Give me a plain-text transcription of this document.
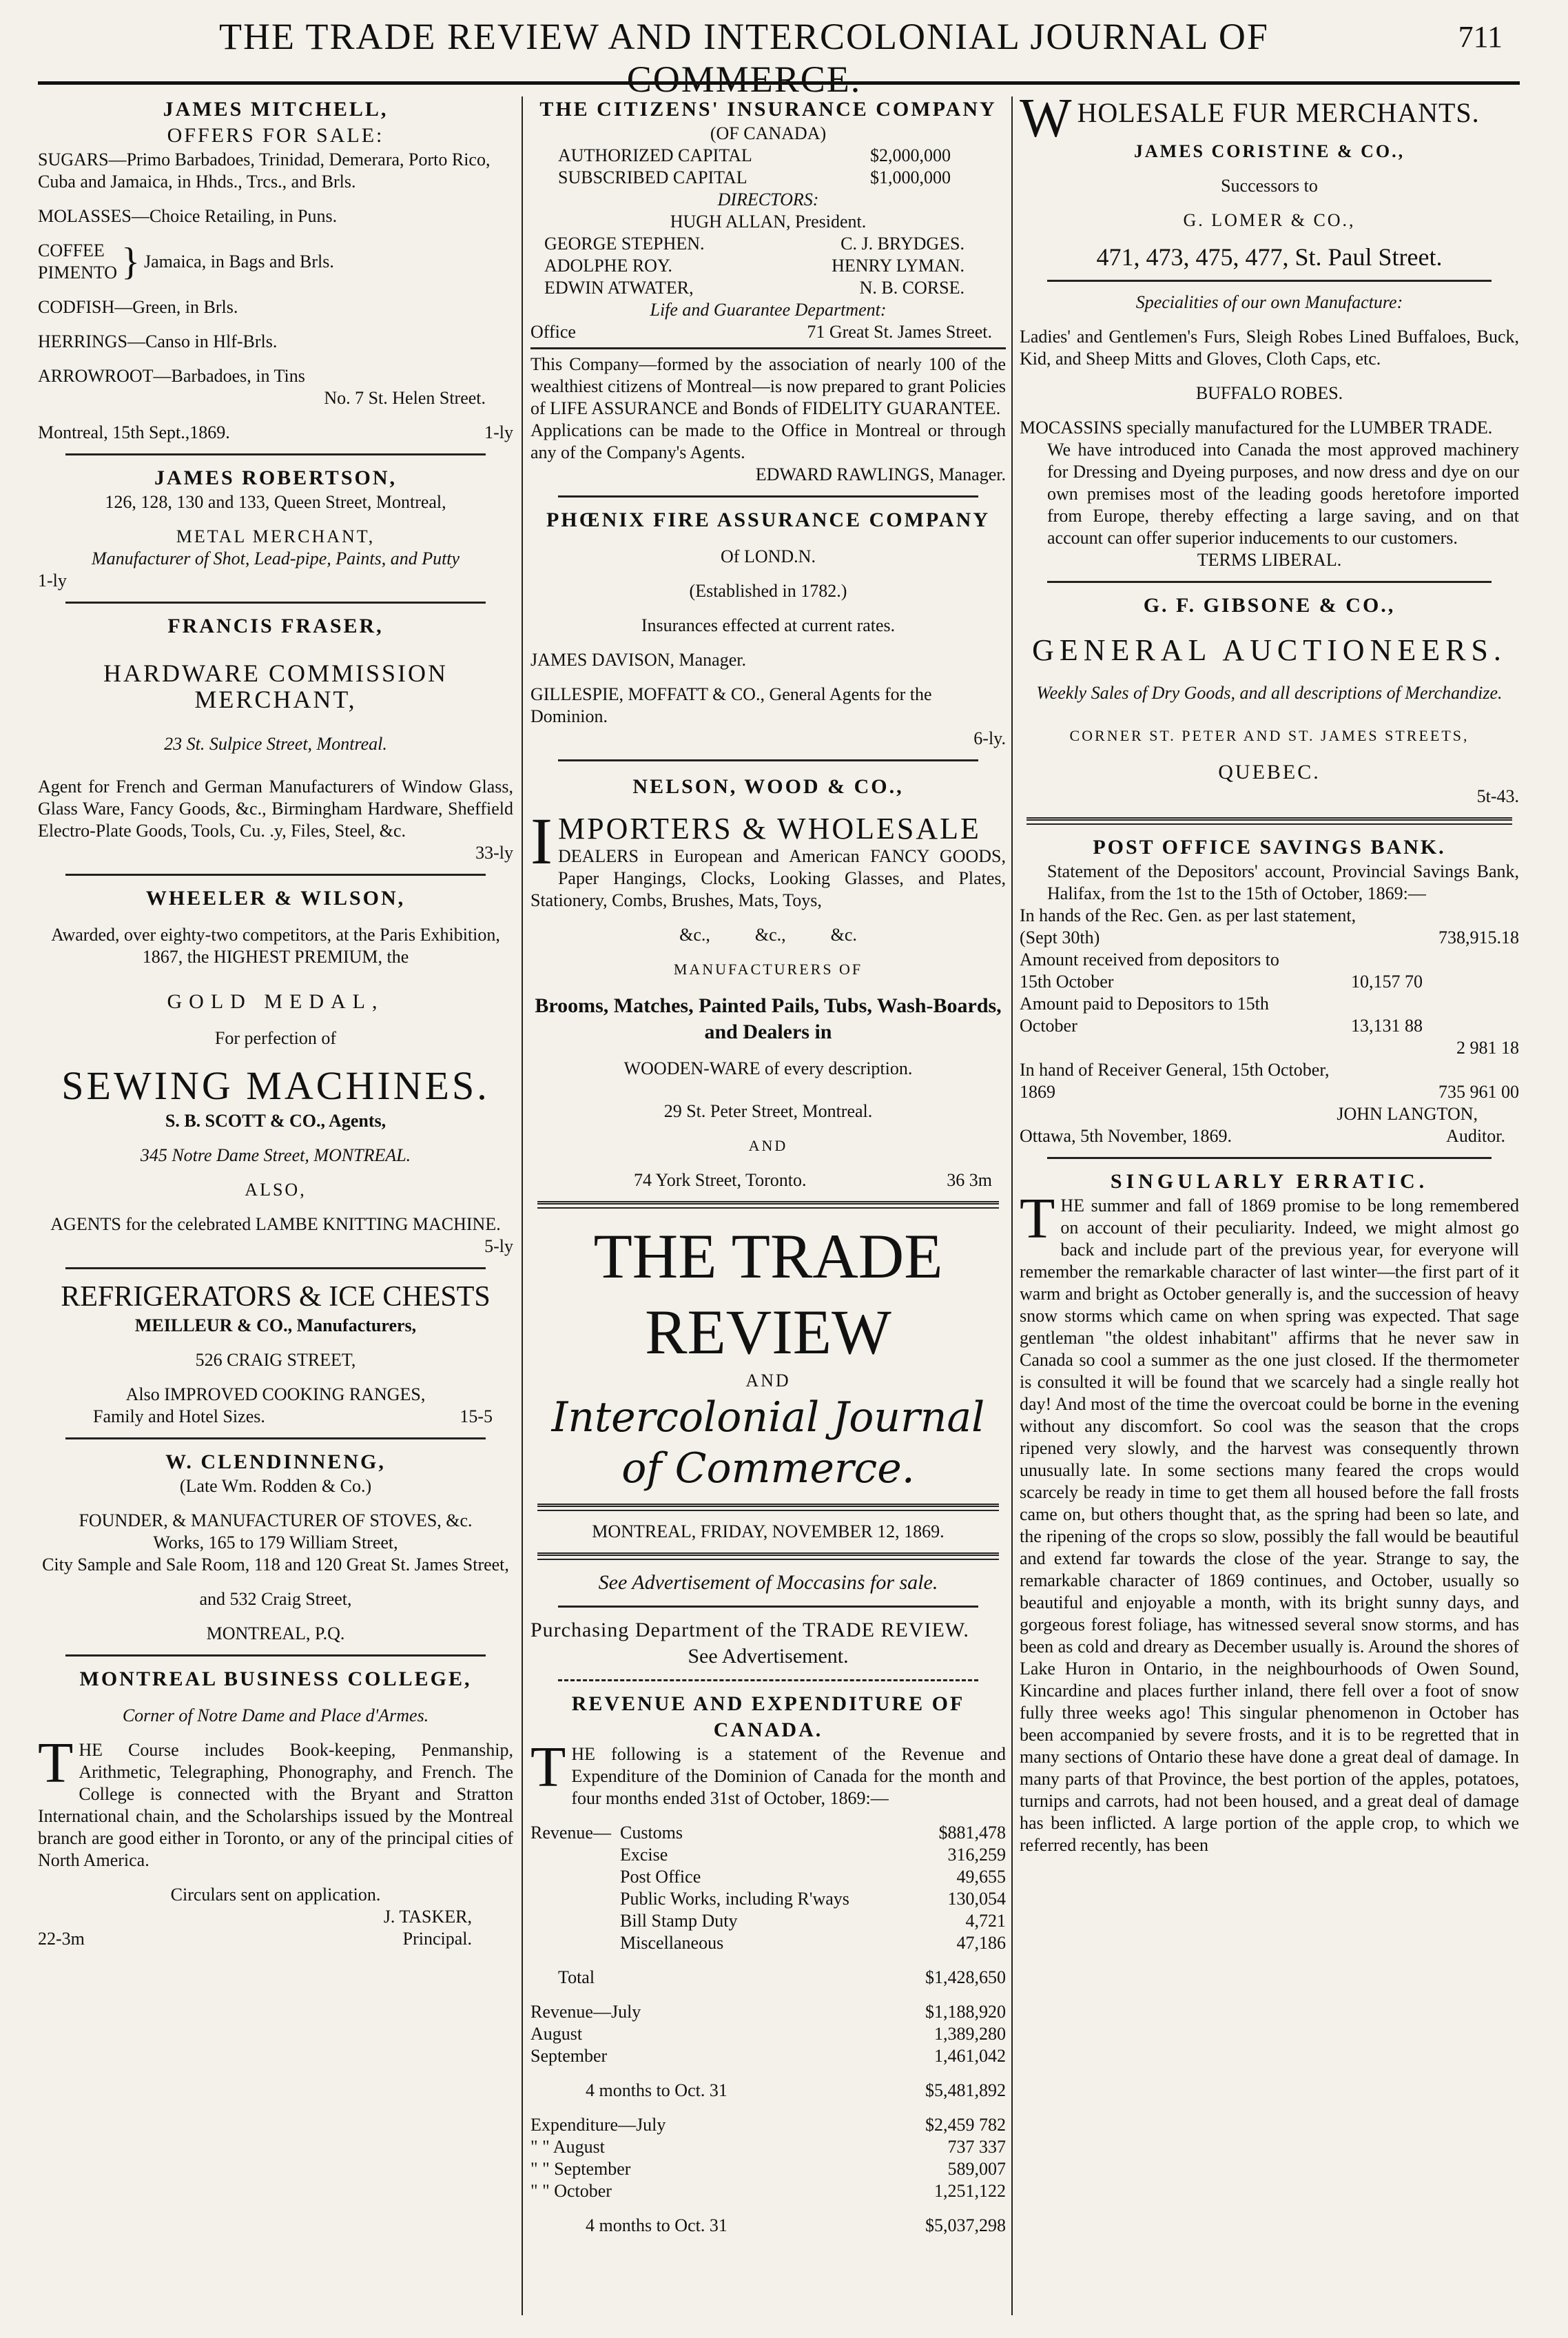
THE TRADE REVIEW AND INTERCOLONIAL JOURNAL OF COMMERCE.
711
JAMES MITCHELL,
OFFERS FOR SALE:
SUGARS—Primo Barbadoes, Trinidad, Demerara, Porto Rico, Cuba and Jamaica, in Hhds., Trcs., and Brls.
MOLASSES—Choice Retailing, in Puns.
COFFEE
PIMENTO } Jamaica, in Bags and Brls.
CODFISH—Green, in Brls.
HERRINGS—Canso in Hlf-Brls.
ARROWROOT—Barbadoes, in Tins
No. 7 St. Helen Street.
Montreal, 15th Sept.,1869.	1-ly
JAMES ROBERTSON,
126, 128, 130 and 133, Queen Street, Montreal,
METAL MERCHANT,
Manufacturer of Shot, Lead-pipe, Paints, and Putty
1-ly
FRANCIS FRASER,
HARDWARE COMMISSION MERCHANT,
23 St. Sulpice Street, Montreal.
Agent for French and German Manufacturers of Window Glass, Glass Ware, Fancy Goods, &c., Birmingham Hardware, Sheffield Electro-Plate Goods, Tools, Cu. .y, Files, Steel, &c.
33-ly
WHEELER & WILSON,
Awarded, over eighty-two competitors, at the Paris Exhibition, 1867, the HIGHEST PREMIUM, the
GOLD MEDAL,
For perfection of
SEWING MACHINES.
S. B. SCOTT & CO., Agents,
345 Notre Dame Street, MONTREAL.
ALSO,
AGENTS for the celebrated LAMBE KNITTING MACHINE.
5-ly
REFRIGERATORS & ICE CHESTS
MEILLEUR & CO., Manufacturers,
526 CRAIG STREET,
Also IMPROVED COOKING RANGES,
Family and Hotel Sizes.	15-5
W. CLENDINNENG,
(Late Wm. Rodden & Co.)
FOUNDER, & MANUFACTURER OF STOVES, &c.
Works, 165 to 179 William Street,
City Sample and Sale Room, 118 and 120 Great St. James Street,
and 532 Craig Street,
MONTREAL, P.Q.
MONTREAL BUSINESS COLLEGE,
Corner of Notre Dame and Place d'Armes.
THE Course includes Book-keeping, Penmanship, Arithmetic, Telegraphing, Phonography, and French. The College is connected with the Bryant and Stratton International chain, and the Scholarships issued by the Montreal branch are good either in Toronto, or any of the principal cities of North America.
Circulars sent on application.
J. TASKER,
22-3m	Principal.
THE CITIZENS' INSURANCE COMPANY
(OF CANADA)
AUTHORIZED CAPITAL	$2,000,000
SUBSCRIBED CAPITAL	$1,000,000
DIRECTORS:
HUGH ALLAN, President.
GEORGE STEPHEN.	C. J. BRYDGES.
ADOLPHE ROY.	HENRY LYMAN.
EDWIN ATWATER,	N. B. CORSE.
Life and Guarantee Department:
Office	71 Great St. James Street.
This Company—formed by the association of nearly 100 of the wealthiest citizens of Montreal—is now prepared to grant Policies of LIFE ASSURANCE and Bonds of FIDELITY GUARANTEE.
Applications can be made to the Office in Montreal or through any of the Company's Agents.
EDWARD RAWLINGS, Manager.
PHŒNIX FIRE ASSURANCE COMPANY
Of LOND.N.
(Established in 1782.)
Insurances effected at current rates.
JAMES DAVISON, Manager.
GILLESPIE, MOFFATT & CO., General Agents for the Dominion.
6-ly.
NELSON, WOOD & CO.,
I MPORTERS & WHOLESALE
DEALERS in European and American FANCY GOODS, Paper Hangings, Clocks, Looking Glasses, and Plates, Stationery, Combs, Brushes, Mats, Toys,
&c.,          &c.,          &c.
MANUFACTURERS OF
Brooms, Matches, Painted Pails, Tubs, Wash-Boards, and Dealers in
WOODEN-WARE of every description.
29 St. Peter Street, Montreal.
AND
74 York Street, Toronto.	36 3m
THE TRADE REVIEW
AND
Intercolonial Journal of Commerce.
MONTREAL, FRIDAY, NOVEMBER 12, 1869.
See Advertisement of Moccasins for sale.
Purchasing Department of the TRADE REVIEW.
See Advertisement.
REVENUE AND EXPENDITURE OF CANADA.
THE following is a statement of the Revenue and Expenditure of the Dominion of Canada for the month and four months ended 31st of October, 1869:—
Revenue— Customs	$881,478
Excise	316,259
Post Office	49,655
Public Works, including R'ways	130,054
Bill Stamp Duty	4,721
Miscellaneous	47,186
Total	$1,428,650
Revenue—July	$1,188,920
August	1,389,280
September	1,461,042
4 months to Oct. 31	$5,481,892
Expenditure—July	$2,459 782
" " August	737 337
" " September	589,007
" " October	1,251,122
4 months to Oct. 31	$5,037,298
W HOLESALE FUR MERCHANTS.
JAMES CORISTINE & CO.,
Successors to
G. LOMER & CO.,
471, 473, 475, 477, St. Paul Street.
Specialities of our own Manufacture:
Ladies' and Gentlemen's Furs, Sleigh Robes Lined Buffaloes, Buck, Kid, and Sheep Mitts and Gloves, Cloth Caps, etc.
BUFFALO ROBES.
MOCASSINS specially manufactured for the LUMBER TRADE.
We have introduced into Canada the most approved machinery for Dressing and Dyeing purposes, and now dress and dye on our own premises most of the leading goods heretofore imported from Europe, thereby effecting a large saving, and on that account can offer superior inducements to our customers.
TERMS LIBERAL.
G. F. GIBSONE & CO.,
GENERAL AUCTIONEERS.
Weekly Sales of Dry Goods, and all descriptions of Merchandize.
CORNER ST. PETER AND ST. JAMES STREETS,
QUEBEC.
5t-43.
POST OFFICE SAVINGS BANK.
Statement of the Depositors' account, Provincial Savings Bank, Halifax, from the 1st to the 15th of October, 1869:—
In hands of the Rec. Gen. as per last statement, (Sept 30th)	738,915.18
Amount received from depositors to 15th October	10,157 70
Amount paid to Depositors to 15th October	13,131 88
2 981 18
In hand of Receiver General, 15th October, 1869	735 961 00
JOHN LANGTON,
Ottawa, 5th November, 1869.	Auditor.
SINGULARLY ERRATIC.
THE summer and fall of 1869 promise to be long remembered on account of their peculiarity. Indeed, we might almost go back and include part of the previous year, for everyone will remember the remarkable character of last winter—the first part of it warm and bright as October generally is, and the succession of heavy snow storms which came on when spring was expected. That sage gentleman "the oldest inhabitant" affirms that he never saw in Canada so cool a summer as the one just closed. If the thermometer is consulted it will be found that we scarcely had a single really hot day! And most of the time the overcoat could be borne in the evening without any discomfort. So cool was the season that the crops ripened very slowly, and the harvest was consequently thrown unusually late. In some sections many feared the crops would scarcely be ready in time to get them all housed before the fall frosts came on, but others thought that, as the spring had been so late, and the ripening of the crops so slow, possibly the fall would be beautiful and extend far towards the close of the year. Strange to say, the remarkable character of 1869 continues, and October, usually so beautiful and enjoyable a month, with its bright sunny days, and gorgeous forest foliage, has witnessed several snow storms, and has been as cold and dreary as December usually is. Around the shores of Lake Huron in Ontario, in the neighbourhoods of Owen Sound, Kincardine and places further inland, there fell over a foot of snow fully three weeks ago! This singular phenomenon in October has been accompanied by severe frosts, and it is to be regretted that in many sections of Ontario these have done a great deal of damage. In many parts of that Province, the best portion of the apples, potatoes, turnips and carrots, had not been housed, and a great deal of damage has been inflicted. A large portion of the apple crop, to which we referred recently, has been
